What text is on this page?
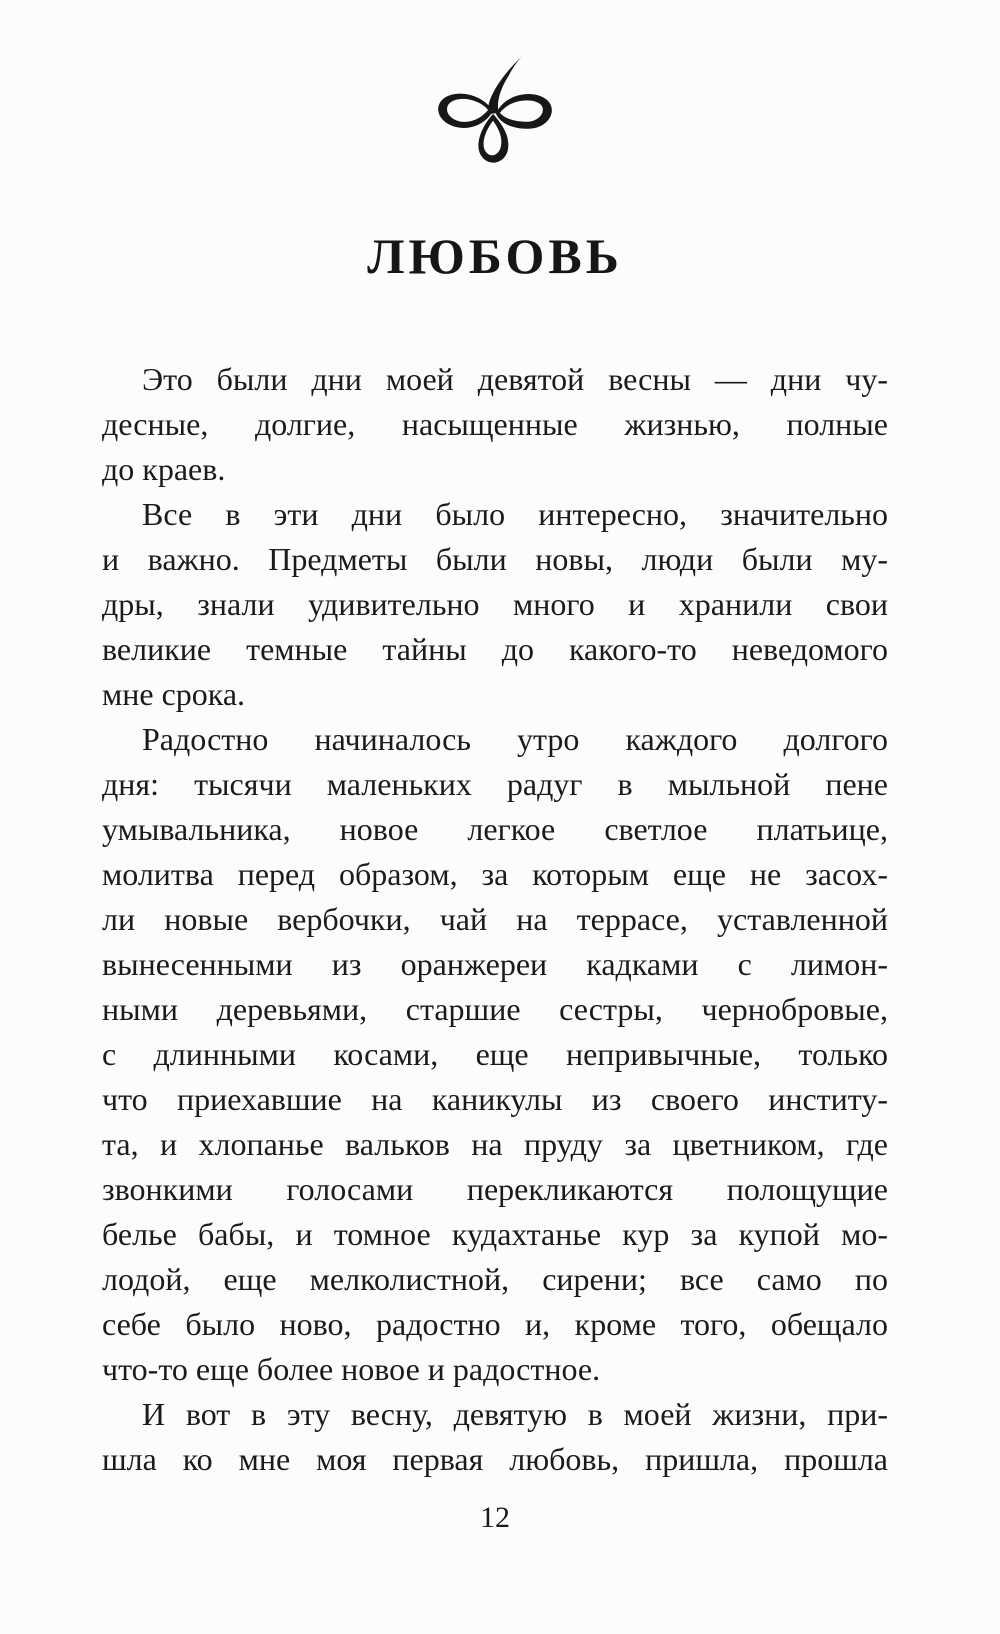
ЛЮБОВЬ

Это были дни моей девятой весны — дни чу-

десные, долгие, насыщенные жизнью, полные

до краев.

Все в эти дни было интересно, значительно

и важно. Предметы были новы, люди были му-

дры, знали удивительно много и хранили свои

великие темные тайны до какого-то неведомого

мне срока.

Радостно начиналось утро каждого долгого

дня: тысячи маленьких радуг в мыльной пене

умывальника, новое легкое светлое платьице,

молитва перед образом, за которым еще не засох-

ли новые вербочки, чай на террасе, уставленной

вынесенными из оранжереи кадками с лимон-

ными деревьями, старшие сестры, чернобровые,

с длинными косами, еще непривычные, только

что приехавшие на каникулы из своего институ-

та, и хлопанье вальков на пруду за цветником, где

звонкими голосами перекликаются полощущие

белье бабы, и томное кудахтанье кур за купой мо-

лодой, еще мелколистной, сирени; все само по

себе было ново, радостно и, кроме того, обещало

что-то еще более новое и радостное.

И вот в эту весну, девятую в моей жизни, при-

шла ко мне моя первая любовь, пришла, прошла

12
